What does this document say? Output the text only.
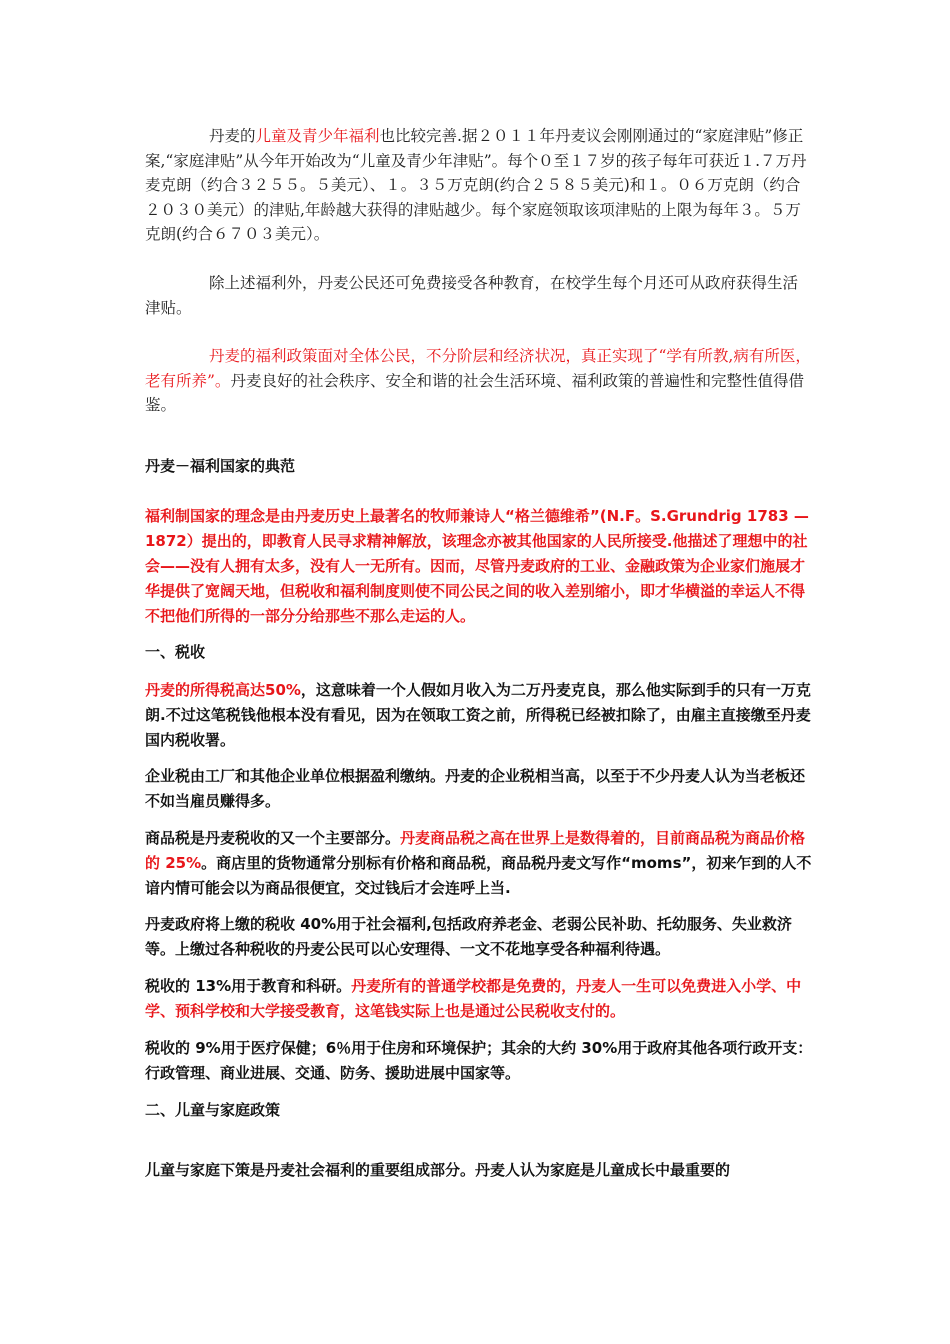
丹麦的儿童及青少年福利也比较完善.据２０１１年丹麦议会刚刚通过的“家庭津贴”修正案,“家庭津贴”从今年开始改为“儿童及青少年津贴”。每个０至１７岁的孩子每年可获近１.７万丹麦克朗（约合３２５５。５美元）、１。３５万克朗(约合２５８５美元)和１。０６万克朗（约合２０３０美元）的津贴,年龄越大获得的津贴越少。每个家庭领取该项津贴的上限为每年３。５万克朗(约合６７０３美元）。

除上述福利外，丹麦公民还可免费接受各种教育，在校学生每个月还可从政府获得生活津贴。

丹麦的福利政策面对全体公民，不分阶层和经济状况，真正实现了“学有所教,病有所医，老有所养”。丹麦良好的社会秩序、安全和谐的社会生活环境、福利政策的普遍性和完整性值得借鉴。

丹麦－福利国家的典范

福利制国家的理念是由丹麦历史上最著名的牧师兼诗人“格兰德维希”(N.F。S.Grundrig 1783 — 1872）提出的，即教育人民寻求精神解放，该理念亦被其他国家的人民所接受.他描述了理想中的社会——没有人拥有太多，没有人一无所有。因而，尽管丹麦政府的工业、金融政策为企业家们施展才华提供了宽阔天地，但税收和福利制度则使不同公民之间的收入差别缩小，即才华横溢的幸运人不得不把他们所得的一部分分给那些不那么走运的人。

一、税收

丹麦的所得税高达50%，这意味着一个人假如月收入为二万丹麦克良，那么他实际到手的只有一万克朗.不过这笔税钱他根本没有看见，因为在领取工资之前，所得税已经被扣除了，由雇主直接缴至丹麦国内税收署。

企业税由工厂和其他企业单位根据盈利缴纳。丹麦的企业税相当高，以至于不少丹麦人认为当老板还不如当雇员赚得多。

商品税是丹麦税收的又一个主要部分。丹麦商品税之高在世界上是数得着的，目前商品税为商品价格的 25%。商店里的货物通常分别标有价格和商品税，商品税丹麦文写作“moms”，初来乍到的人不谙内情可能会以为商品很便宜，交过钱后才会连呼上当.

丹麦政府将上缴的税收 40%用于社会福利,包括政府养老金、老弱公民补助、托幼服务、失业救济等。上缴过各种税收的丹麦公民可以心安理得、一文不花地享受各种福利待遇。

税收的 13%用于教育和科研。丹麦所有的普通学校都是免费的，丹麦人一生可以免费进入小学、中学、预科学校和大学接受教育，这笔钱实际上也是通过公民税收支付的。

税收的 9%用于医疗保健；6％用于住房和环境保护；其余的大约 30%用于政府其他各项行政开支：行政管理、商业进展、交通、防务、援助进展中国家等。

二、儿童与家庭政策

儿童与家庭下策是丹麦社会福利的重要组成部分。丹麦人认为家庭是儿童成长中最重要的
